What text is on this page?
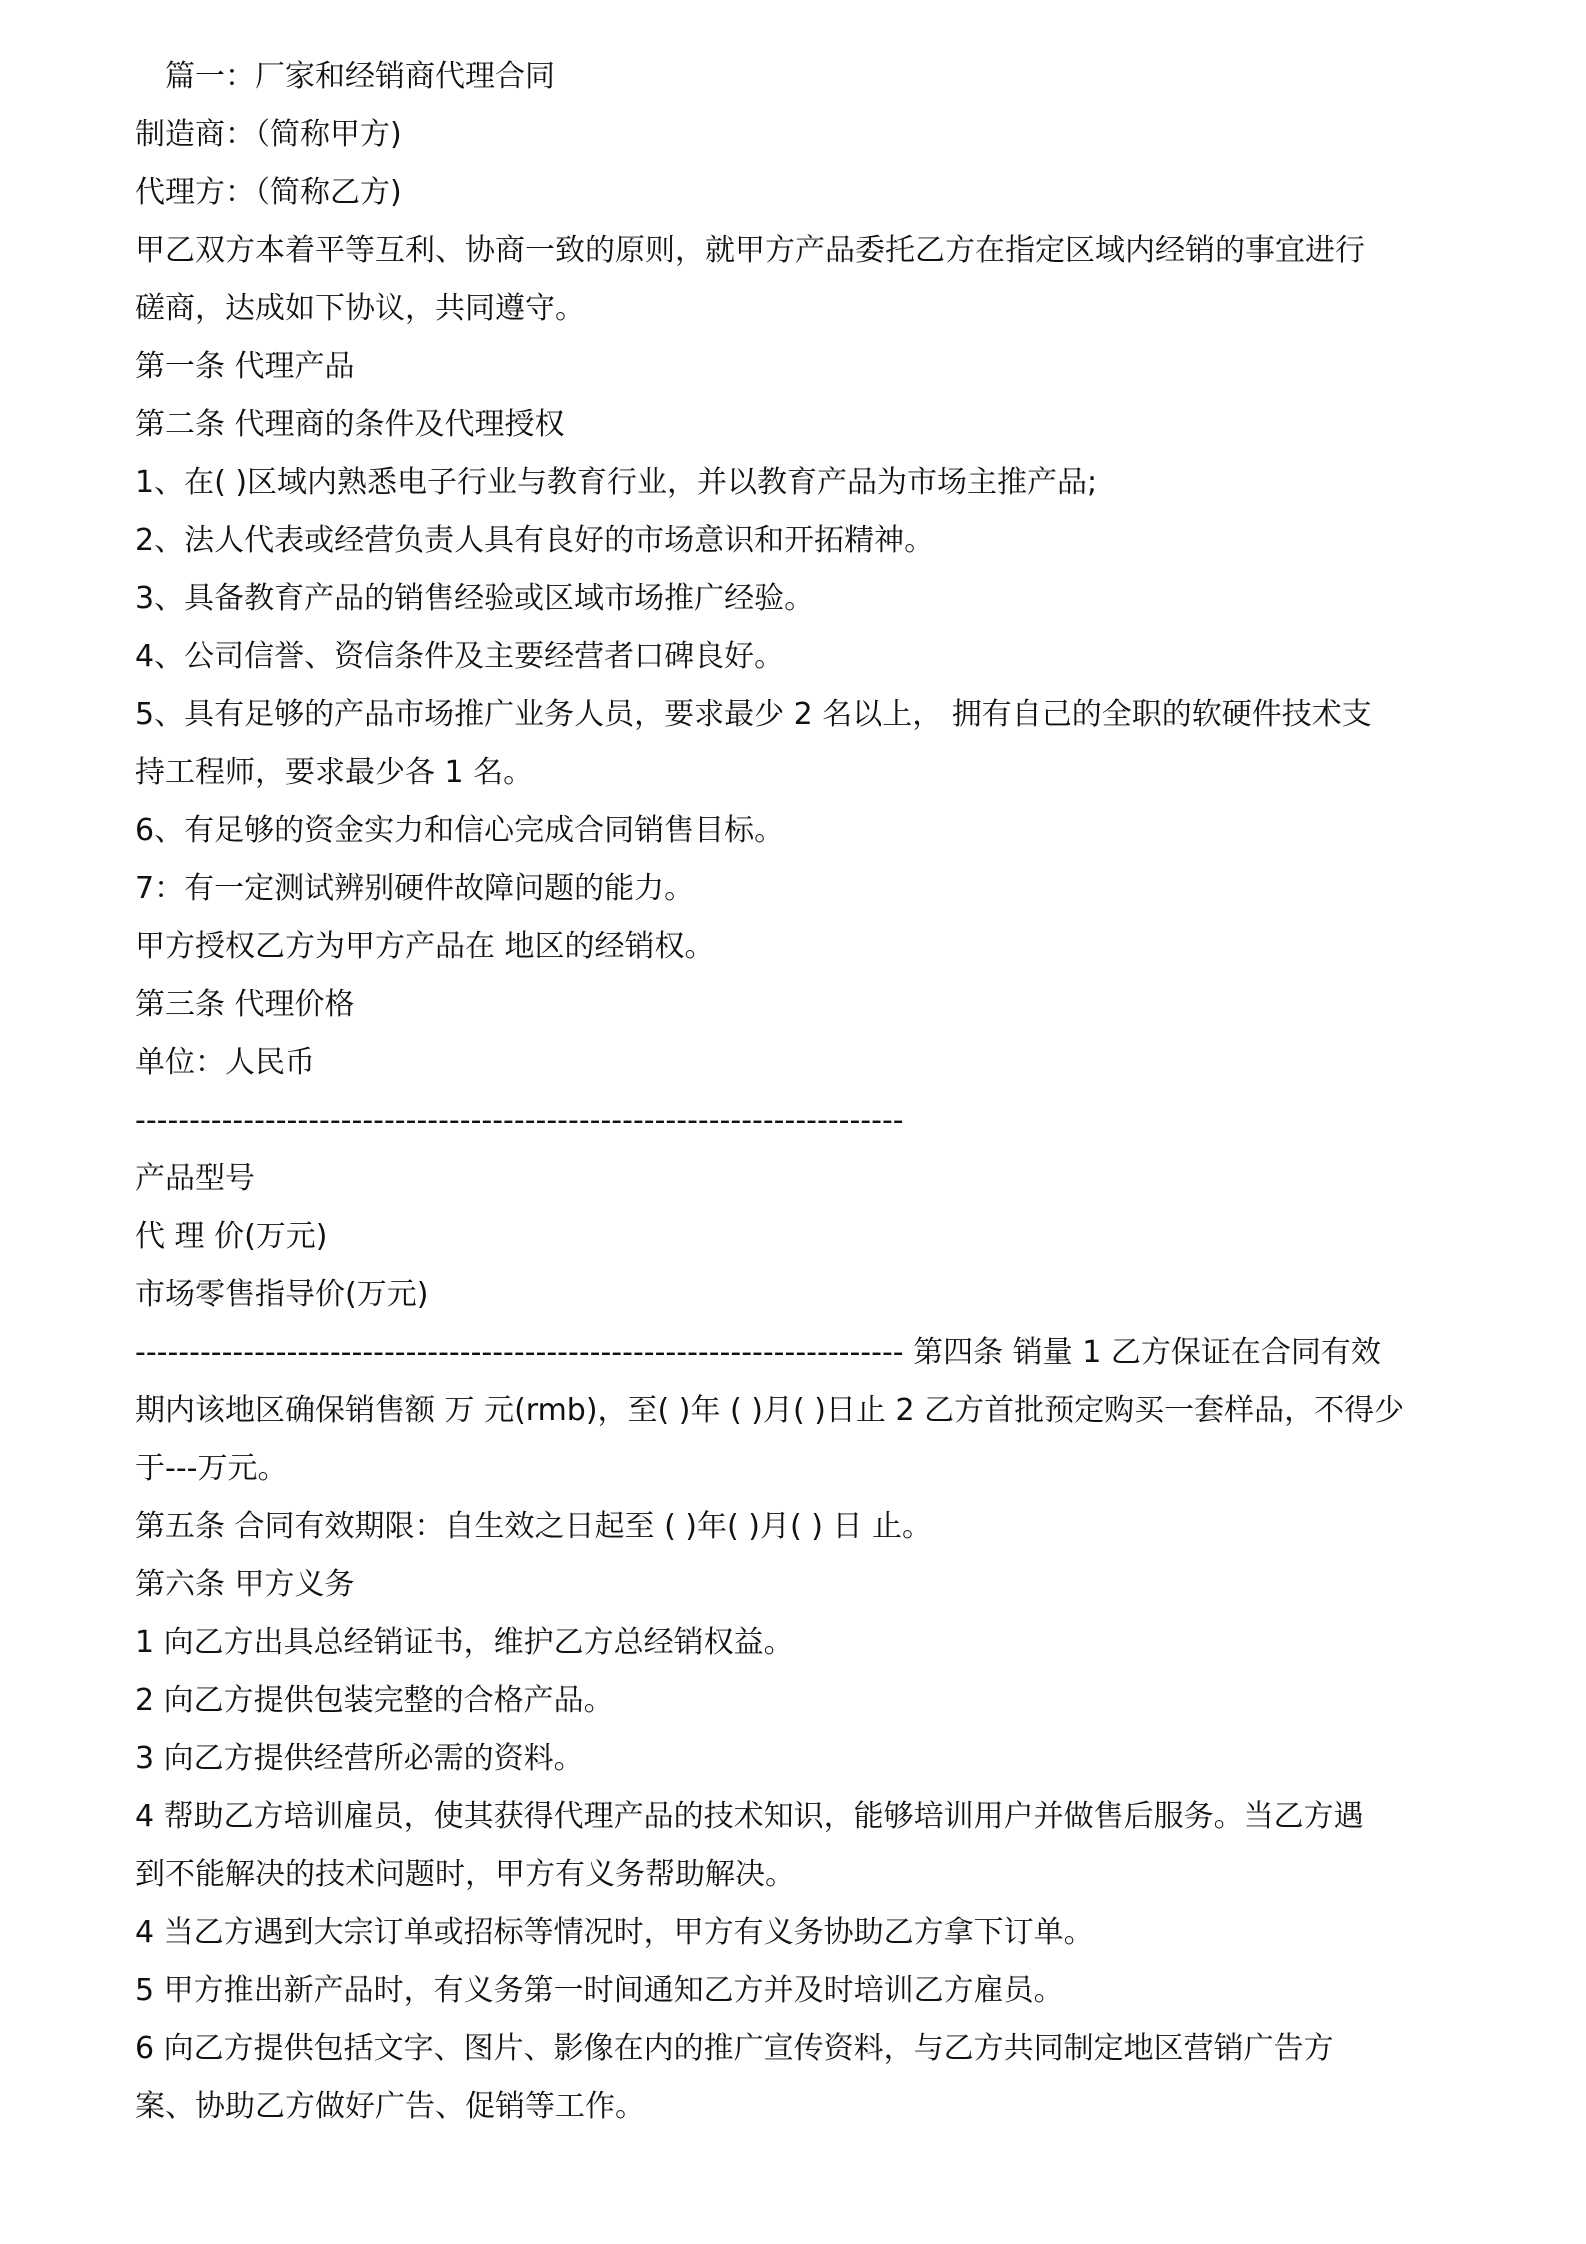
篇一：厂家和经销商代理合同

制造商：（简称甲方)

代理方：（简称乙方)

甲乙双方本着平等互利、协商一致的原则，就甲方产品委托乙方在指定区域内经销的事宜进行

磋商，达成如下协议，共同遵守。

第一条 代理产品

第二条 代理商的条件及代理授权

1、在( )区域内熟悉电子行业与教育行业，并以教育产品为市场主推产品;

2、法人代表或经营负责人具有良好的市场意识和开拓精神。

3、具备教育产品的销售经验或区域市场推广经验。

4、公司信誉、资信条件及主要经营者口碑良好。

5、具有足够的产品市场推广业务人员，要求最少 2 名以上， 拥有自己的全职的软硬件技术支

持工程师，要求最少各 1 名。

6、有足够的资金实力和信心完成合同销售目标。

7：有一定测试辨别硬件故障问题的能力。

甲方授权乙方为甲方产品在 地区的经销权。

第三条 代理价格

单位：人民币

-----------------------------------------------------------------------

产品型号

代 理 价(万元)

市场零售指导价(万元)

----------------------------------------------------------------------- 第四条 销量 1 乙方保证在合同有效

期内该地区确保销售额 万 元(rmb)，至( )年 ( )月( )日止 2 乙方首批预定购买一套样品，不得少

于---万元。

第五条 合同有效期限：自生效之日起至 ( )年( )月( ) 日 止。

第六条 甲方义务

1 向乙方出具总经销证书，维护乙方总经销权益。

2 向乙方提供包装完整的合格产品。

3 向乙方提供经营所必需的资料。

4 帮助乙方培训雇员，使其获得代理产品的技术知识，能够培训用户并做售后服务。当乙方遇

到不能解决的技术问题时，甲方有义务帮助解决。

4 当乙方遇到大宗订单或招标等情况时，甲方有义务协助乙方拿下订单。

5 甲方推出新产品时，有义务第一时间通知乙方并及时培训乙方雇员。

6 向乙方提供包括文字、图片、影像在内的推广宣传资料，与乙方共同制定地区营销广告方

案、协助乙方做好广告、促销等工作。
